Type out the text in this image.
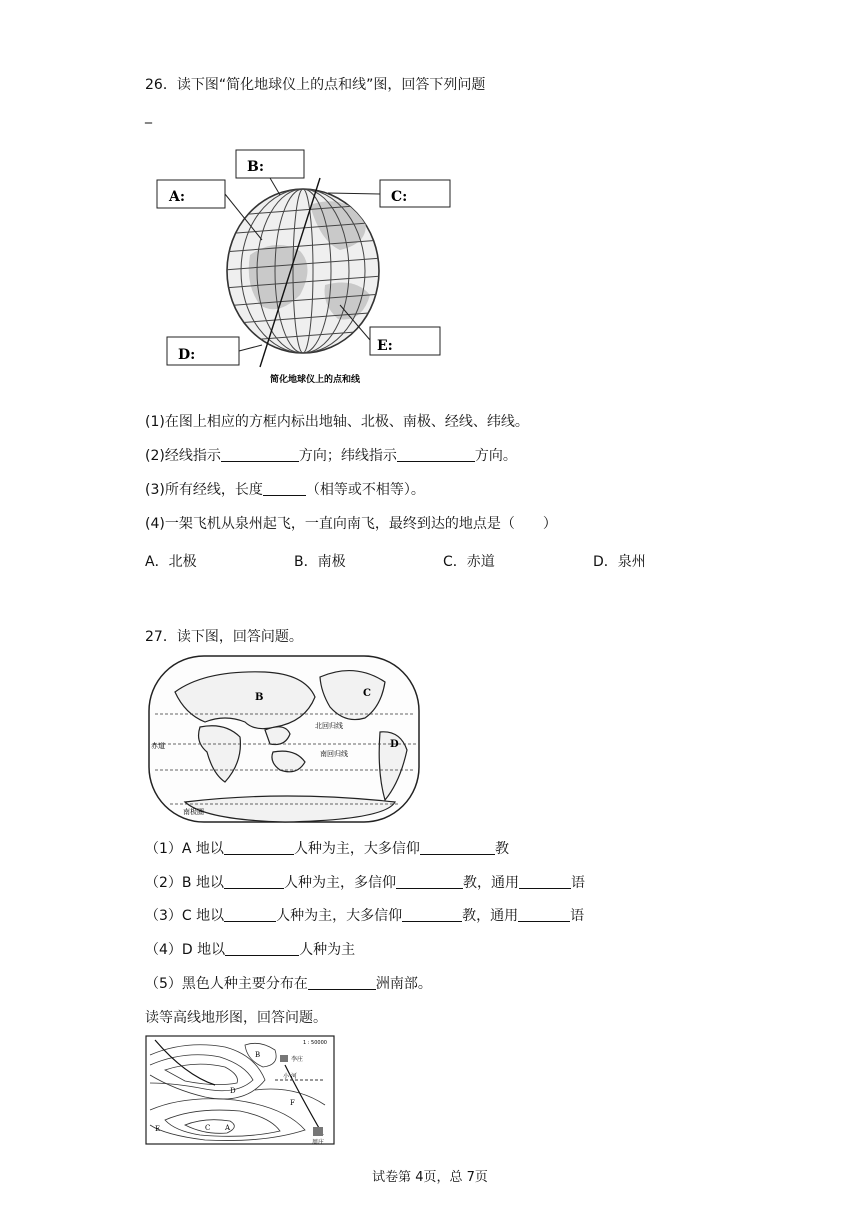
26．读下图“简化地球仪上的点和线”图，回答下列问题
_
B:
A:	C:
D:
E:
简化地球仪上的点和线
(1)在图上相应的方框内标出地轴、北极、南极、经线、纬线。
(2)经线指示	方向；纬线指示	方向。
(3)所有经线，长度	（相等或不相等）。
(4)一架飞机从泉州起飞，一直向南飞，最终到达的地点是（　　）
A．北极	B．南极	C．赤道	D．泉州
27．读下图，回答问题。
B	C
D
北回归线
南回归线
赤道
南极圈
（1）A 地以	人种为主，大多信仰	教
（2）B 地以	人种为主，多信仰	教，通用	语
（3）C 地以	人种为主，大多信仰	教，通用	语
（4）D 地以	人种为主
（5）黑色人种主要分布在	洲南部。
读等高线地形图，回答问题。
1 : 50000
李庄
周庄
小 河
A
B
C
D
E
F
试卷第 4页，总 7页
